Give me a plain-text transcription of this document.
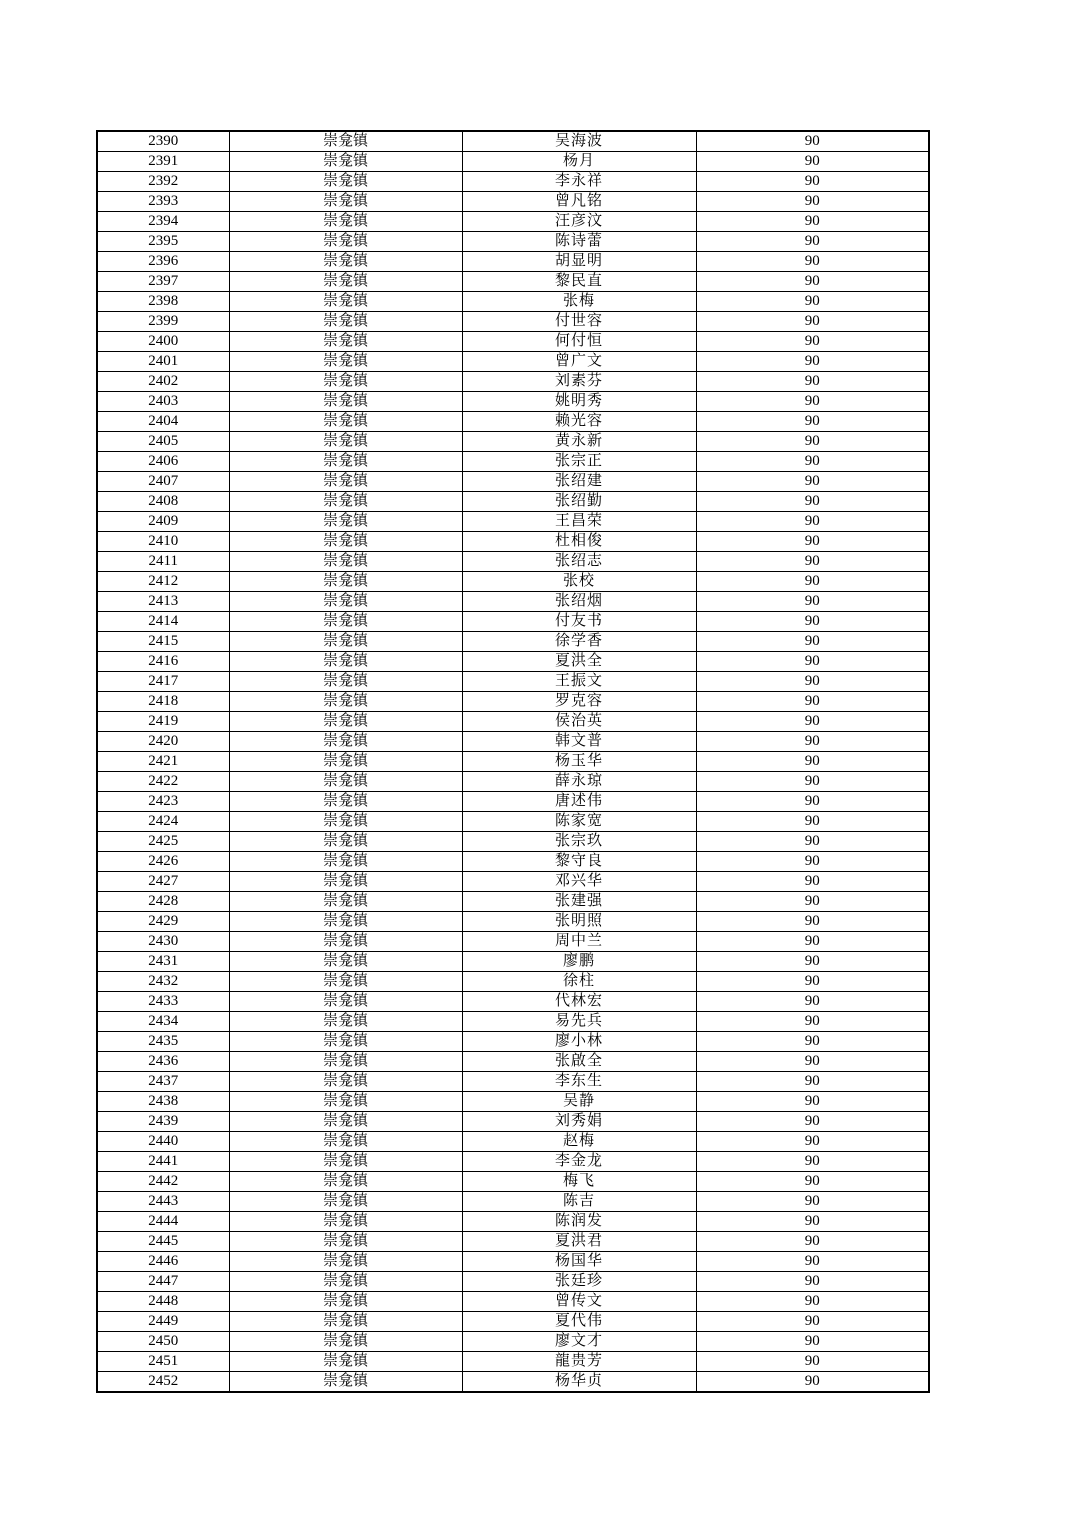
2390	崇龛镇	吴海波	90
2391	崇龛镇	杨月	90
2392	崇龛镇	李永祥	90
2393	崇龛镇	曾凡铭	90
2394	崇龛镇	汪彦汶	90
2395	崇龛镇	陈诗蕾	90
2396	崇龛镇	胡显明	90
2397	崇龛镇	黎民直	90
2398	崇龛镇	张梅	90
2399	崇龛镇	付世容	90
2400	崇龛镇	何付恒	90
2401	崇龛镇	曾广文	90
2402	崇龛镇	刘素芬	90
2403	崇龛镇	姚明秀	90
2404	崇龛镇	赖光容	90
2405	崇龛镇	黄永新	90
2406	崇龛镇	张宗正	90
2407	崇龛镇	张绍建	90
2408	崇龛镇	张绍勤	90
2409	崇龛镇	王昌荣	90
2410	崇龛镇	杜相俊	90
2411	崇龛镇	张绍志	90
2412	崇龛镇	张校	90
2413	崇龛镇	张绍烟	90
2414	崇龛镇	付友书	90
2415	崇龛镇	徐学香	90
2416	崇龛镇	夏洪全	90
2417	崇龛镇	王振文	90
2418	崇龛镇	罗克容	90
2419	崇龛镇	侯治英	90
2420	崇龛镇	韩文普	90
2421	崇龛镇	杨玉华	90
2422	崇龛镇	薛永琼	90
2423	崇龛镇	唐述伟	90
2424	崇龛镇	陈家宽	90
2425	崇龛镇	张宗玖	90
2426	崇龛镇	黎守良	90
2427	崇龛镇	邓兴华	90
2428	崇龛镇	张建强	90
2429	崇龛镇	张明照	90
2430	崇龛镇	周中兰	90
2431	崇龛镇	廖鹏	90
2432	崇龛镇	徐柱	90
2433	崇龛镇	代林宏	90
2434	崇龛镇	易先兵	90
2435	崇龛镇	廖小林	90
2436	崇龛镇	张啟全	90
2437	崇龛镇	李东生	90
2438	崇龛镇	吴静	90
2439	崇龛镇	刘秀娟	90
2440	崇龛镇	赵梅	90
2441	崇龛镇	李金龙	90
2442	崇龛镇	梅飞	90
2443	崇龛镇	陈吉	90
2444	崇龛镇	陈润发	90
2445	崇龛镇	夏洪君	90
2446	崇龛镇	杨国华	90
2447	崇龛镇	张廷珍	90
2448	崇龛镇	曾传文	90
2449	崇龛镇	夏代伟	90
2450	崇龛镇	廖文才	90
2451	崇龛镇	龍贵芳	90
2452	崇龛镇	杨华贞	90
